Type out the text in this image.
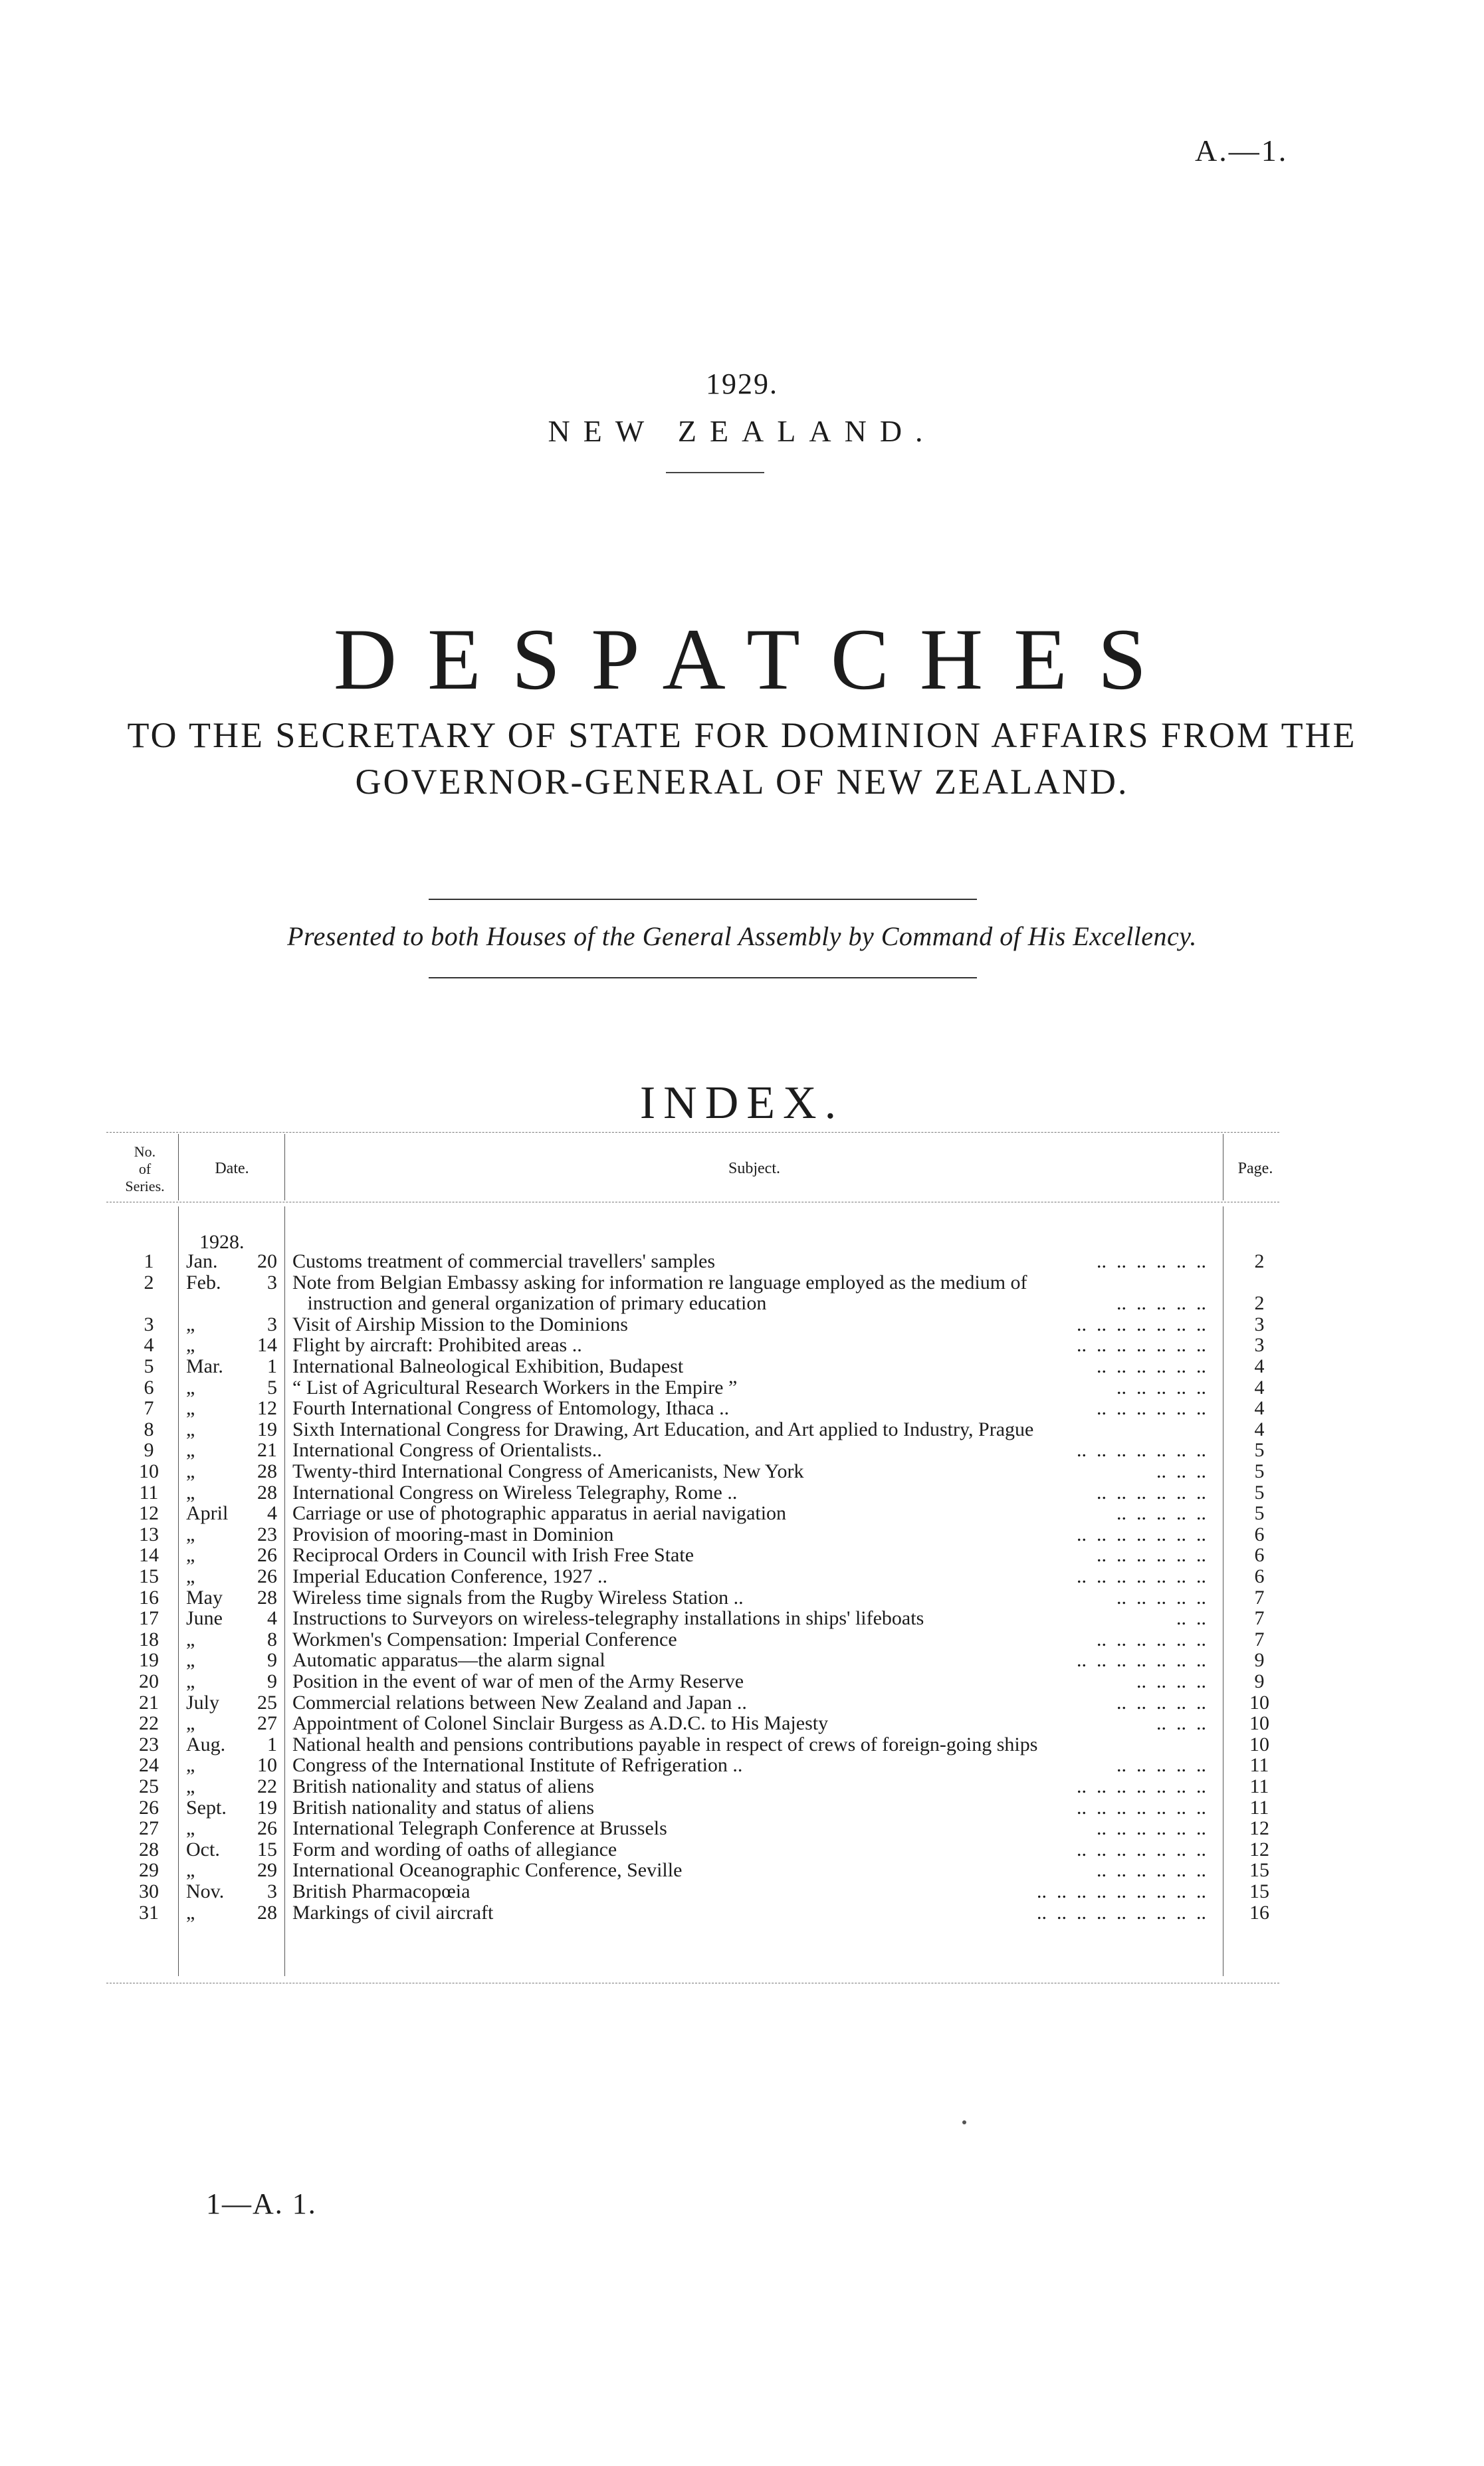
A.—1.
1929.
NEW ZEALAND.
DESPATCHES
TO THE SECRETARY OF STATE FOR DOMINION AFFAIRS FROM THE
GOVERNOR-GENERAL OF NEW ZEALAND.
Presented to both Houses of the General Assembly by Command of His Excellency.
INDEX.
No.
of
Series.
Date.	Subject.	Page.
1928.
1	Jan.	20 Customs treatment of commercial travellers' samples	..  ..  ..  ..  ..  ..	2
2	Feb.	3 Note from Belgian Embassy asking for information re language employed as the medium of
instruction and general organization of primary education	..  ..  ..  ..  ..	2
3	„	3 Visit of Airship Mission to the Dominions	..  ..  ..  ..  ..  ..  ..	3
4	„	14 Flight by aircraft: Prohibited areas ..	..  ..  ..  ..  ..  ..  ..	3
5	Mar.	1 International Balneological Exhibition, Budapest	..  ..  ..  ..  ..  ..	4
6	„	5 “ List of Agricultural Research Workers in the Empire ”	..  ..  ..  ..  ..	4
7	„	12 Fourth International Congress of Entomology, Ithaca ..	..  ..  ..  ..  ..  ..	4
8	„	19 Sixth International Congress for Drawing, Art Education, and Art applied to Industry, Prague	4
9	„	21 International Congress of Orientalists..	..  ..  ..  ..  ..  ..  ..	5
10	„	28 Twenty-third International Congress of Americanists, New York	..  ..  ..	5
11	„	28 International Congress on Wireless Telegraphy, Rome ..	..  ..  ..  ..  ..  ..	5
12	April	4 Carriage or use of photographic apparatus in aerial navigation	..  ..  ..  ..  ..	5
13	„	23 Provision of mooring-mast in Dominion	..  ..  ..  ..  ..  ..  ..	6
14	„	26 Reciprocal Orders in Council with Irish Free State	..  ..  ..  ..  ..  ..	6
15	„	26 Imperial Education Conference, 1927 ..	..  ..  ..  ..  ..  ..  ..	6
16	May	28 Wireless time signals from the Rugby Wireless Station ..	..  ..  ..  ..  ..	7
17	June	4 Instructions to Surveyors on wireless-telegraphy installations in ships' lifeboats	..  ..	7
18	„	8 Workmen's Compensation: Imperial Conference	..  ..  ..  ..  ..  ..	7
19	„	9 Automatic apparatus—the alarm signal	..  ..  ..  ..  ..  ..  ..	9
20	„	9 Position in the event of war of men of the Army Reserve	..  ..  ..  ..	9
21	July	25 Commercial relations between New Zealand and Japan ..	..  ..  ..  ..  ..	10
22	„	27 Appointment of Colonel Sinclair Burgess as A.D.C. to His Majesty	..  ..  ..	10
23	Aug.	1 National health and pensions contributions payable in respect of crews of foreign-going ships	10
24	„	10 Congress of the International Institute of Refrigeration ..	..  ..  ..  ..  ..	11
25	„	22 British nationality and status of aliens	..  ..  ..  ..  ..  ..  ..	11
26	Sept.	19 British nationality and status of aliens	..  ..  ..  ..  ..  ..  ..	11
27	„	26 International Telegraph Conference at Brussels	..  ..  ..  ..  ..  ..	12
28	Oct.	15 Form and wording of oaths of allegiance	..  ..  ..  ..  ..  ..  ..	12
29	„	29 International Oceanographic Conference, Seville	..  ..  ..  ..  ..  ..	15
30	Nov.	3 British Pharmacopœia	..  ..  ..  ..  ..  ..  ..  ..  ..	15
31	„	28 Markings of civil aircraft	..  ..  ..  ..  ..  ..  ..  ..  ..	16
1—A. 1.
